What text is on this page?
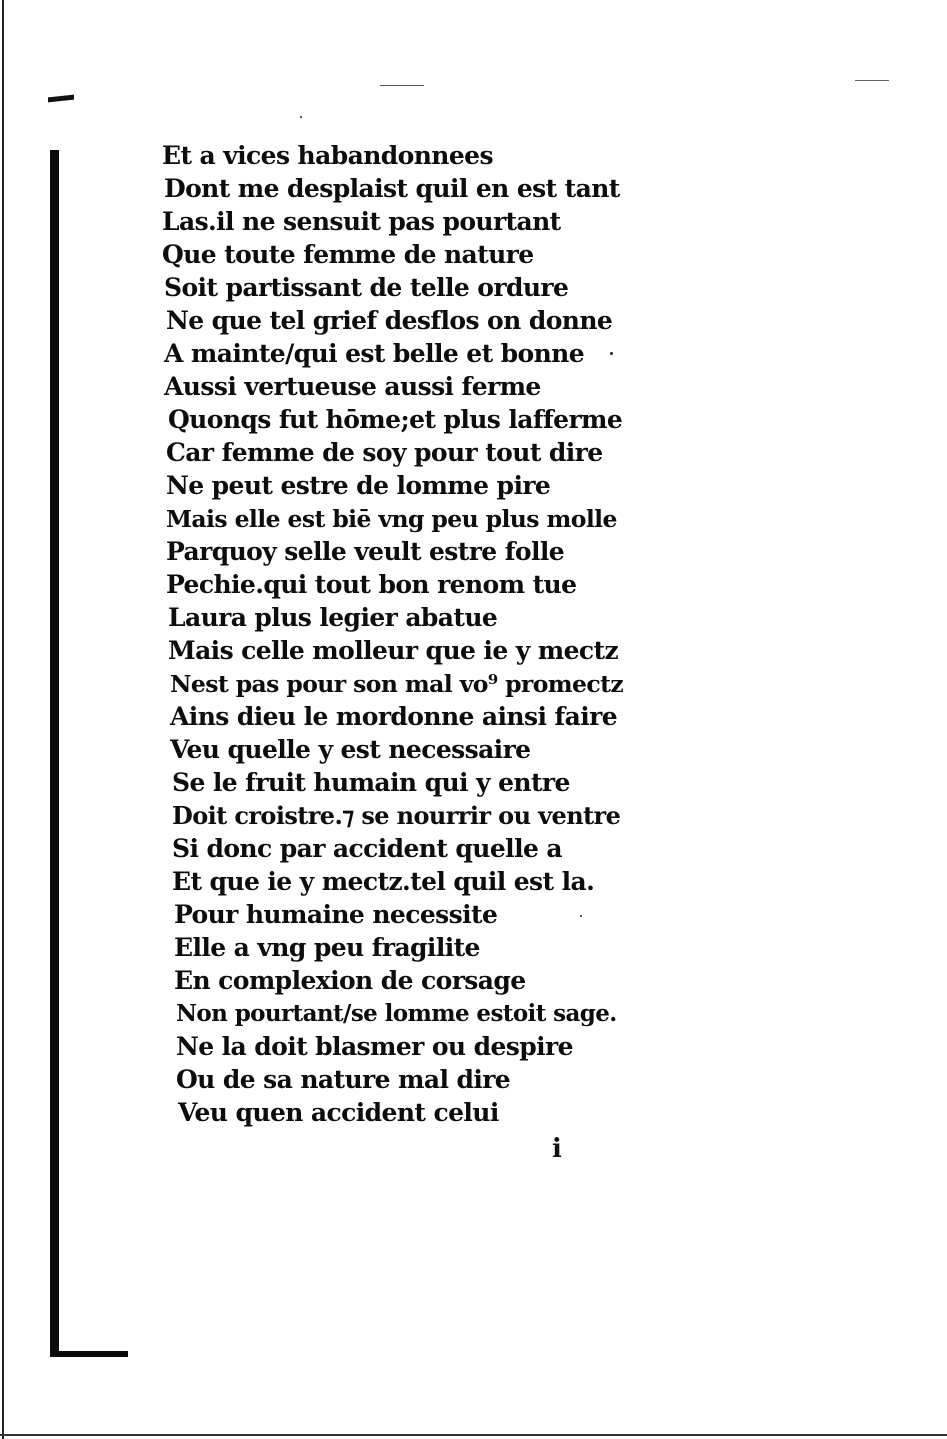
Et a vices habandonnees
Dont me desplaist quil en est tant
Las.il ne sensuit pas pourtant
Que toute femme de nature
Soit partissant de telle ordure
Ne que tel grief desflos on donne
A mainte/qui est belle et bonne
Aussi vertueuse aussi ferme
Quonqs fut hōme;et plus lafferme
Car femme de soy pour tout dire
Ne peut estre de lomme pire
Mais elle est biē vng peu plus molle
Parquoy selle veult estre folle
Pechie.qui tout bon renom tue
Laura plus legier abatue
Mais celle molleur que ie y mectz
Nest pas pour son mal vo⁹ promectz
Ains dieu le mordonne ainsi faire
Veu quelle y est necessaire
Se le fruit humain qui y entre
Doit croistre.⁊ se nourrir ou ventre
Si donc par accident quelle a
Et que ie y mectz.tel quil est la.
Pour humaine necessite
Elle a vng peu fragilite
En complexion de corsage
Non pourtant/se lomme estoit sage.
Ne la doit blasmer ou despire
Ou de sa nature mal dire
Veu quen accident celui
i
